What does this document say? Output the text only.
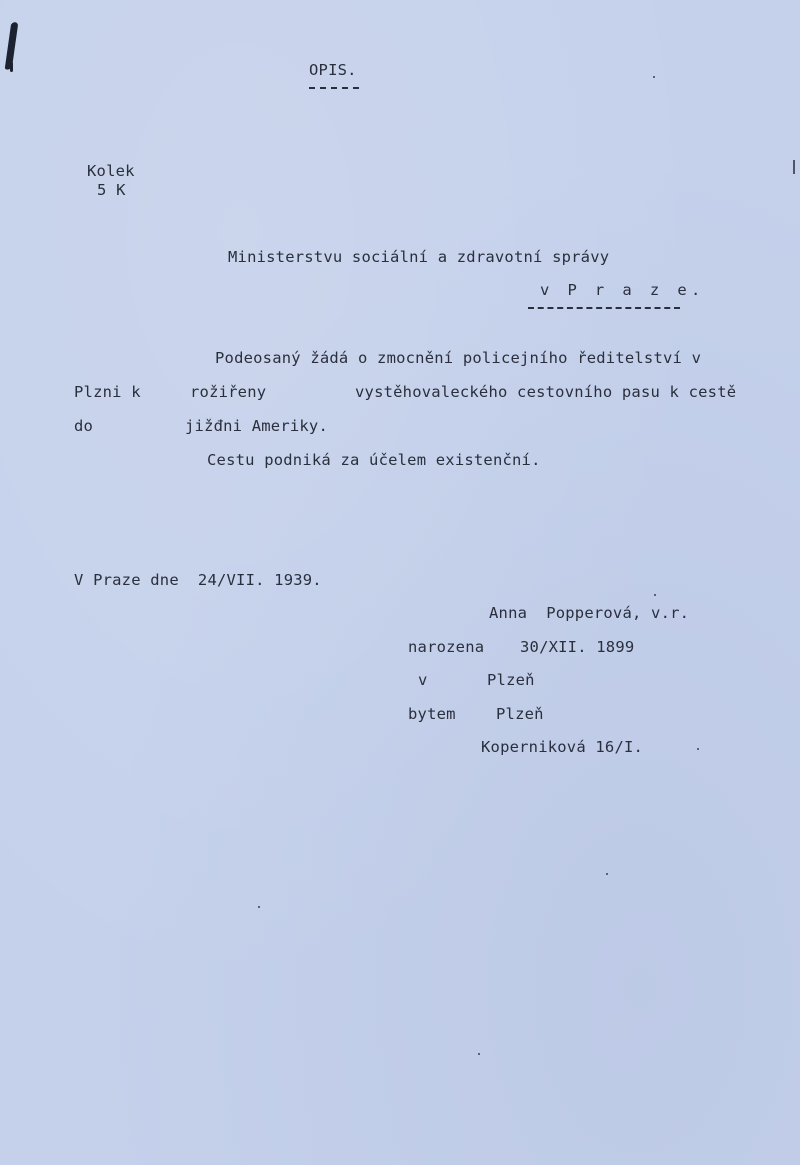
OPIS.
Kolek
5 K
Ministerstvu sociální a zdravotní správy
v P r a z e.
Podeosaný žádá o zmocnění policejního ředitelství v
Plzni k	rožiřeny	vystěhovaleckého cestovního pasu k cestě
do	jižđni Ameriky.
Cestu podniká za účelem existenční.
V Praze dne  24/VII. 1939.
Anna  Popperová, v.r.
narozena 30/XII. 1899
v	Plzeň
bytem	Plzeň
Koperniková 16/I.
